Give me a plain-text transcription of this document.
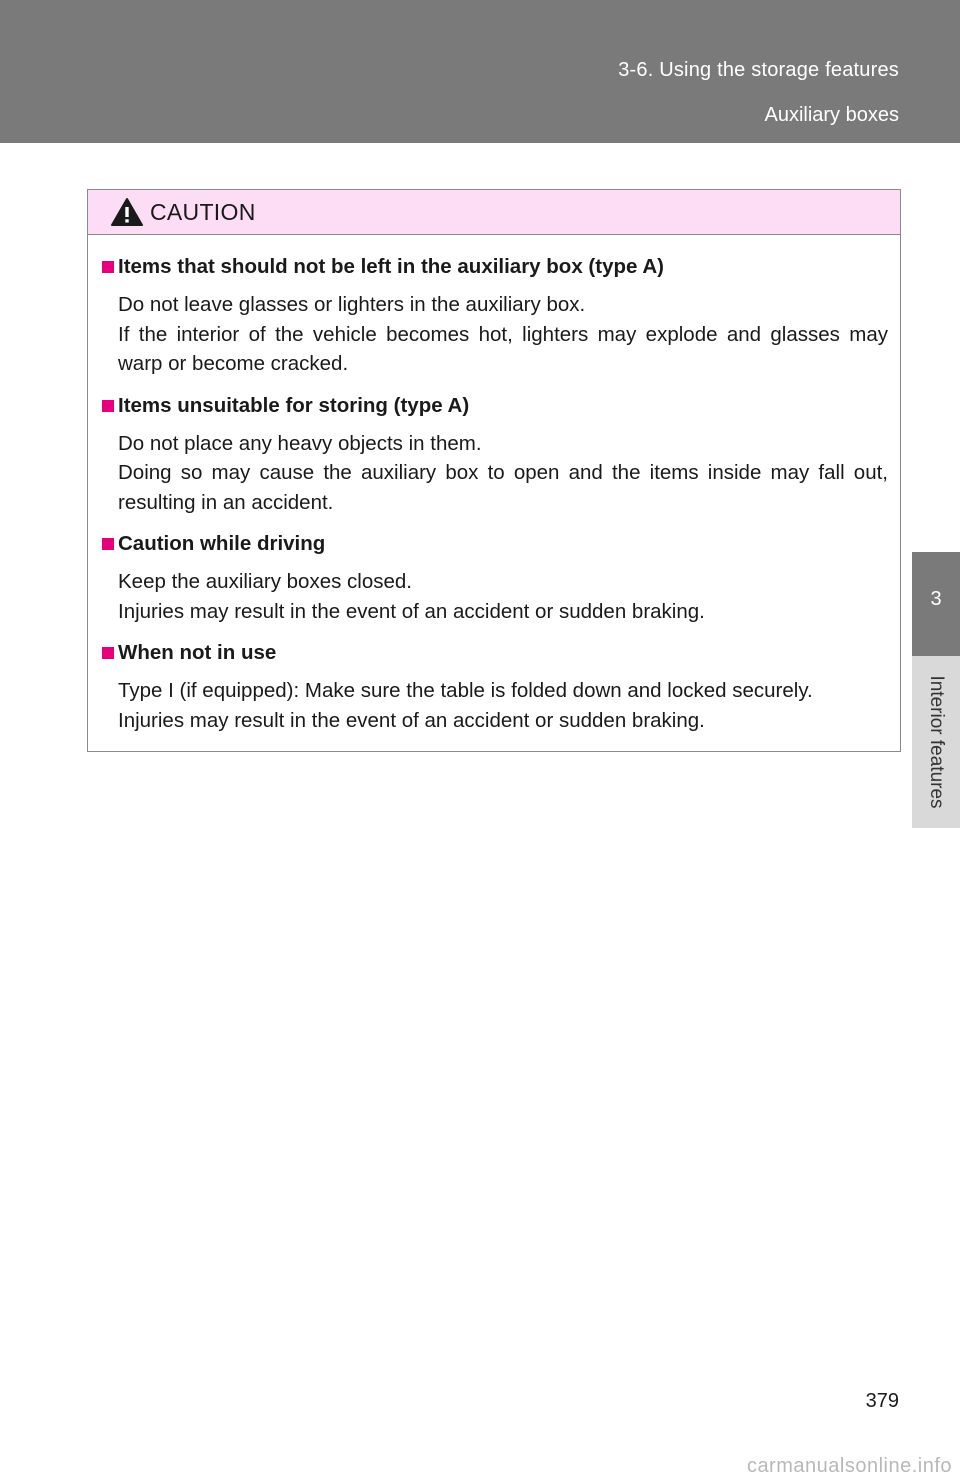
3-6. Using the storage features
Auxiliary boxes
3
Interior features
CAUTION
Items that should not be left in the auxiliary box (type A)

Do not leave glasses or lighters in the auxiliary box.

If the interior of the vehicle becomes hot, lighters may explode and glasses may warp or become cracked.

Items unsuitable for storing (type A)

Do not place any heavy objects in them.

Doing so may cause the auxiliary box to open and the items inside may fall out, resulting in an accident.

Caution while driving

Keep the auxiliary boxes closed.

Injuries may result in the event of an accident or sudden braking.

When not in use

Type I (if equipped): Make sure the table is folded down and locked securely.

Injuries may result in the event of an accident or sudden braking.

379
carmanualsonline.info
